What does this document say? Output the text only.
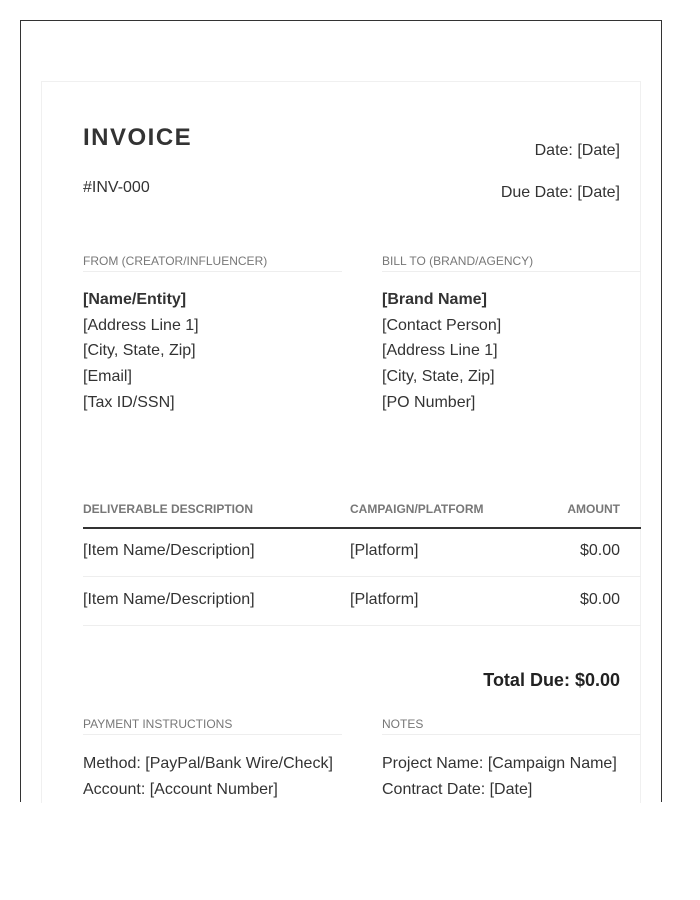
INVOICE
#INV-000
Date: [Date]
Due Date: [Date]
FROM (CREATOR/INFLUENCER)
[Name/Entity]
[Address Line 1]
[City, State, Zip]
[Email]
[Tax ID/SSN]
BILL TO (BRAND/AGENCY)
[Brand Name]
[Contact Person]
[Address Line 1]
[City, State, Zip]
[PO Number]
DELIVERABLE DESCRIPTION	CAMPAIGN/PLATFORM	AMOUNT
[Item Name/Description]	[Platform]	$0.00
[Item Name/Description]	[Platform]	$0.00
Total Due: $0.00
PAYMENT INSTRUCTIONS
Method: [PayPal/Bank Wire/Check]
Account: [Account Number]
NOTES
Project Name: [Campaign Name]
Contract Date: [Date]
